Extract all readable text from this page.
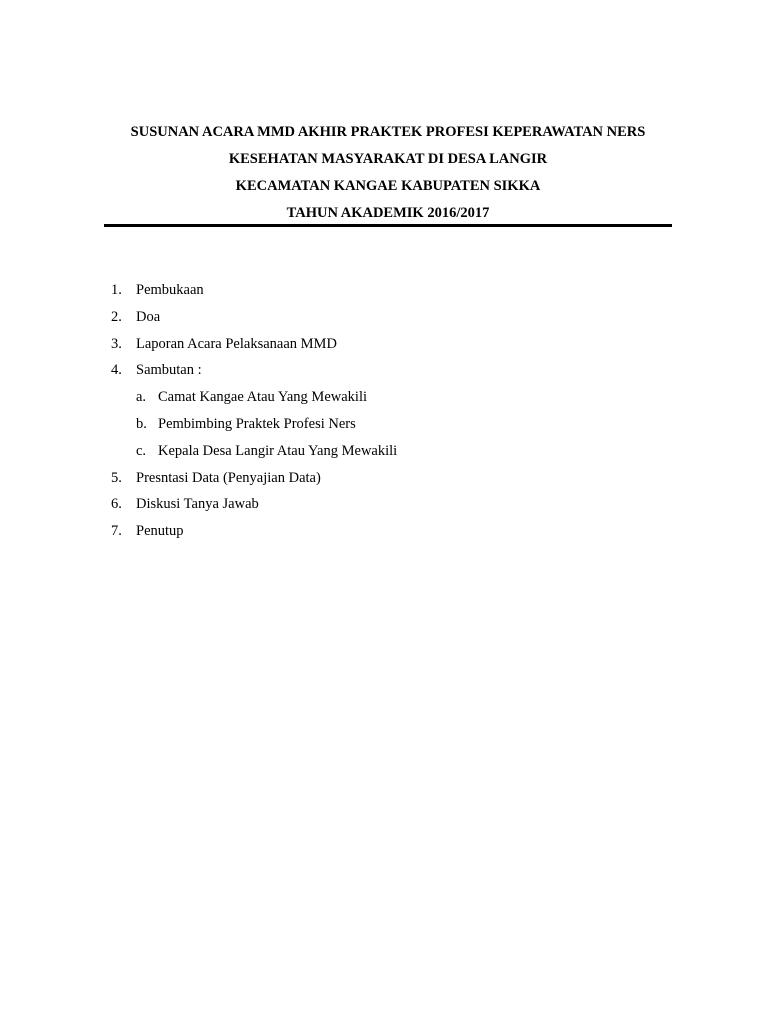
SUSUNAN ACARA MMD AKHIR PRAKTEK PROFESI KEPERAWATAN NERS
KESEHATAN MASYARAKAT DI DESA LANGIR
KECAMATAN KANGAE KABUPATEN SIKKA
TAHUN AKADEMIK 2016/2017
1. Pembukaan
2. Doa
3. Laporan Acara Pelaksanaan MMD
4. Sambutan :
a. Camat Kangae Atau Yang Mewakili
b. Pembimbing Praktek Profesi Ners
c. Kepala Desa Langir Atau Yang Mewakili
5. Presntasi Data (Penyajian Data)
6. Diskusi Tanya Jawab
7. Penutup
